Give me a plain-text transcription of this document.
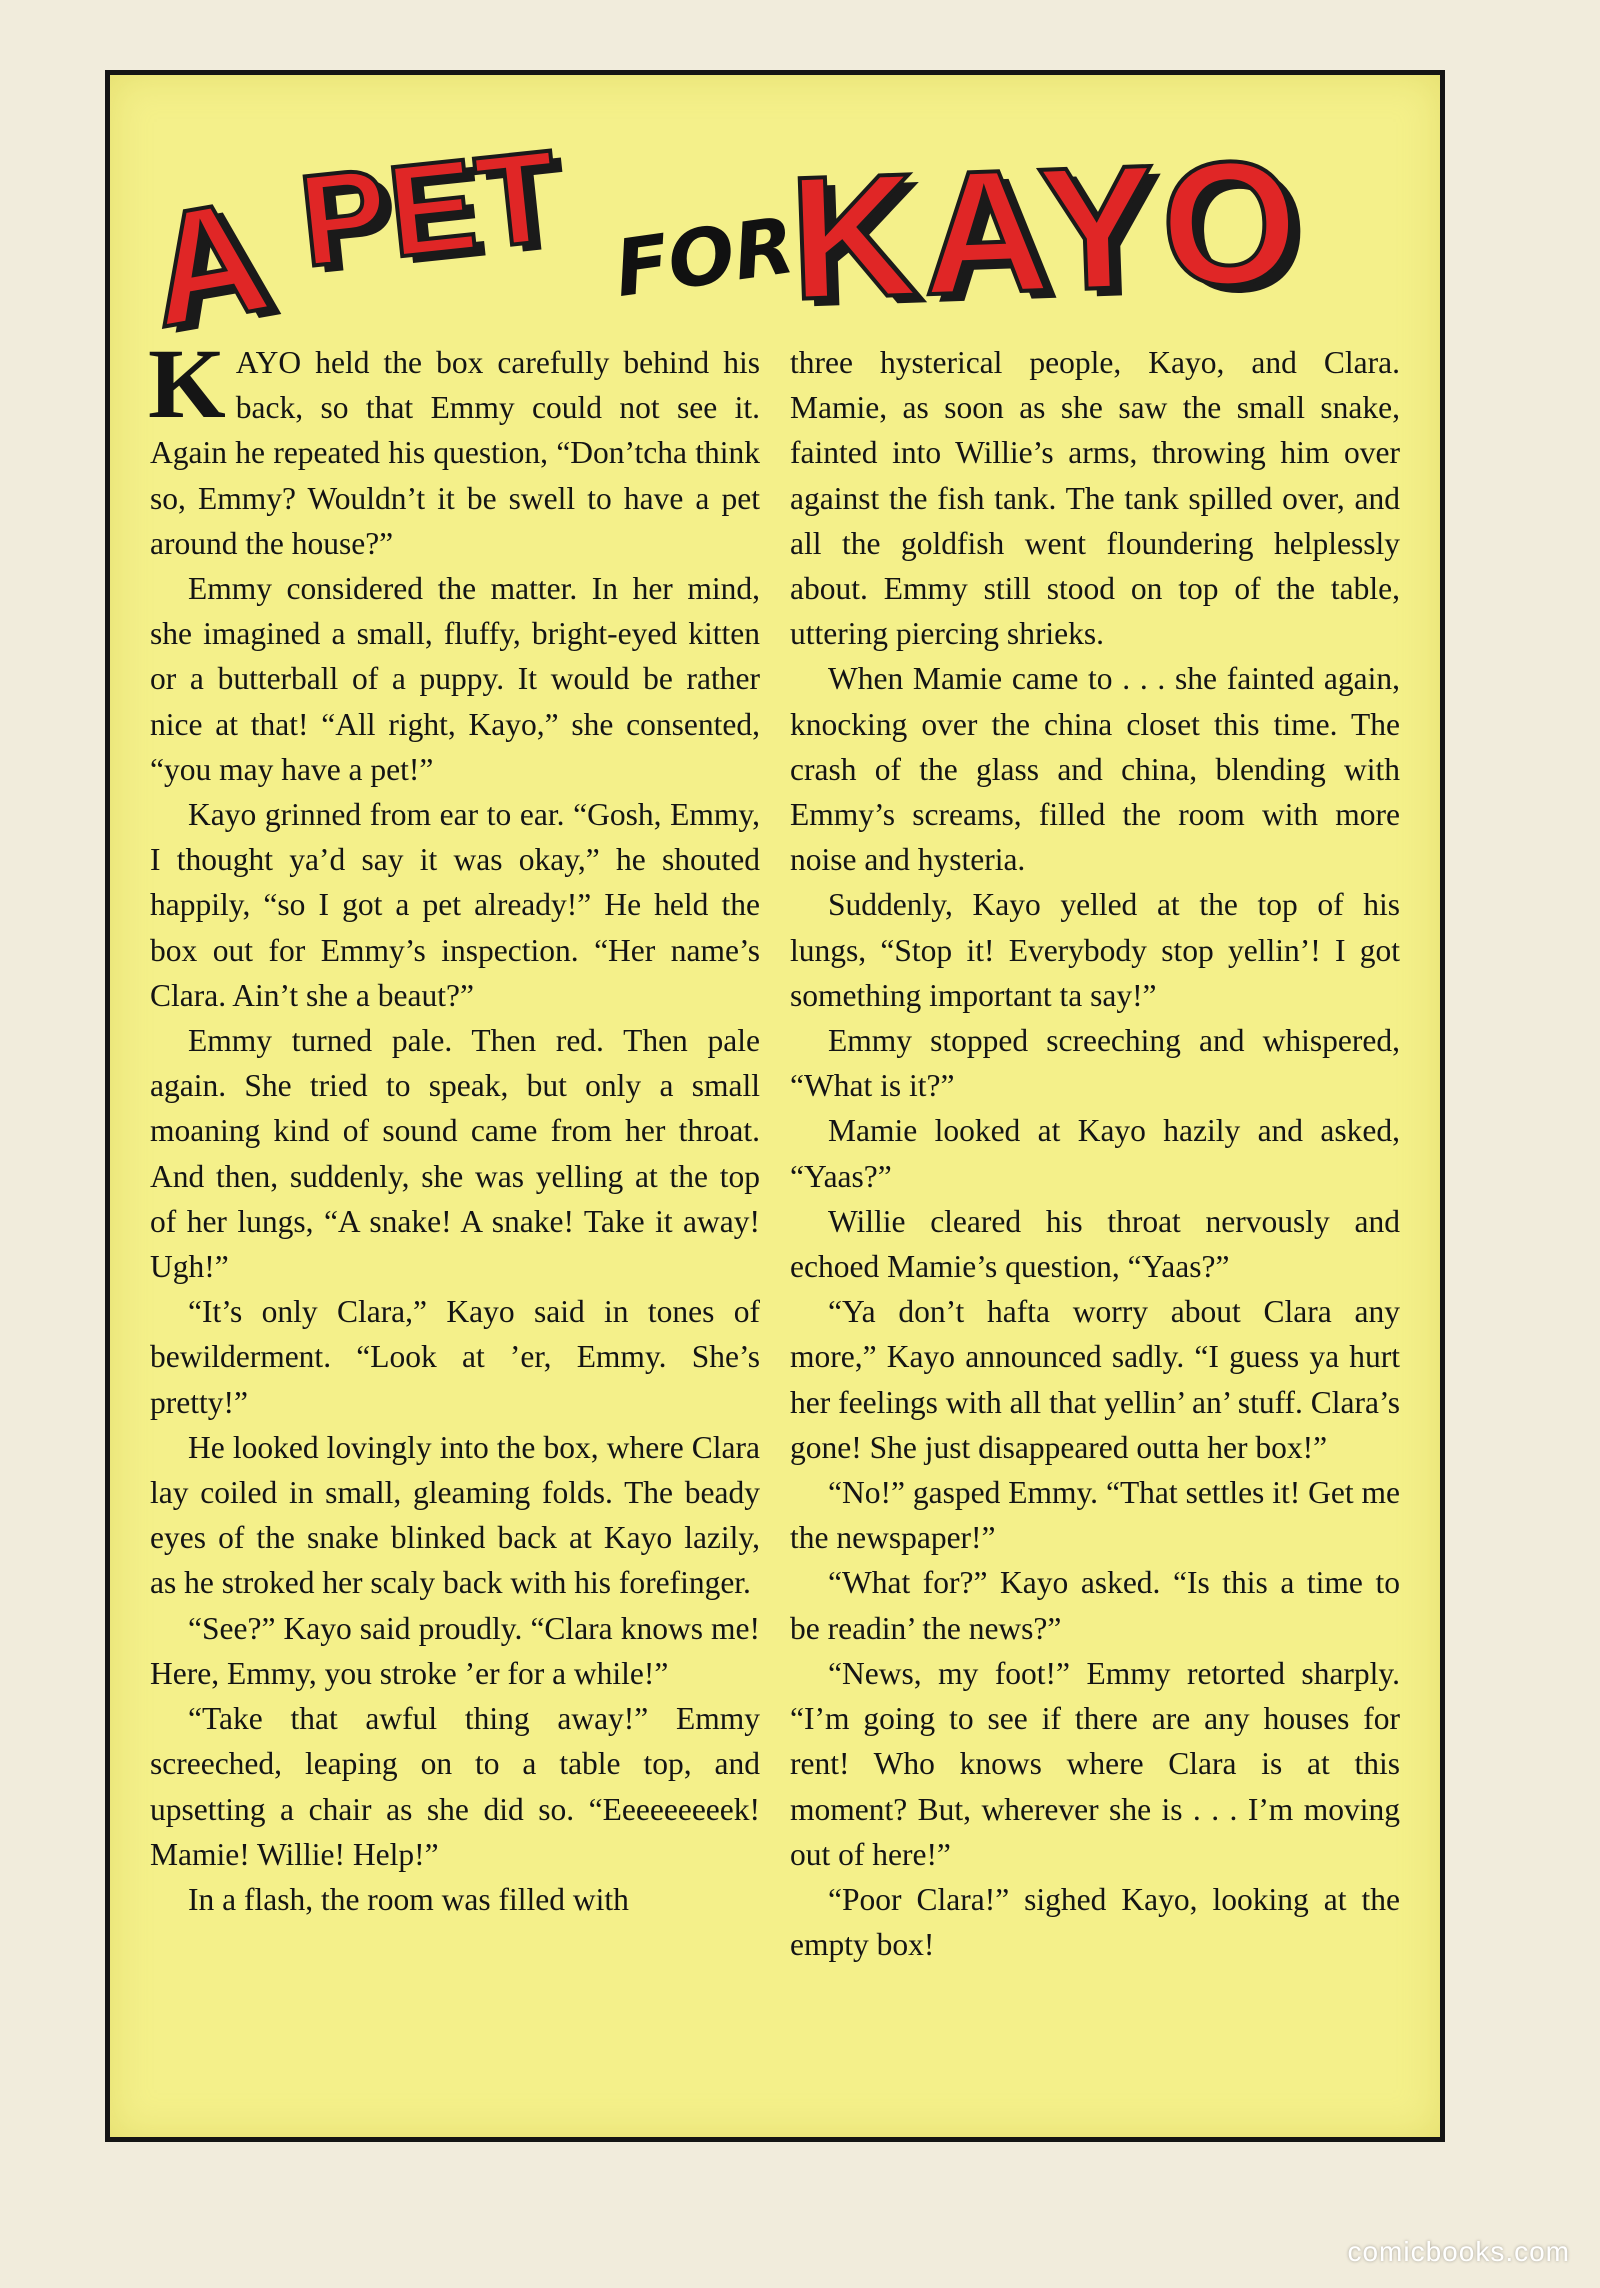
A PET FOR
KAYO

KAYO held the box carefully behind his back, so that Emmy could not see it. Again he repeated his question, “Don’tcha think so, Emmy? Wouldn’t it be swell to have a pet around the house?”

Emmy considered the matter. In her mind, she imagined a small, fluffy, bright-eyed kitten or a butterball of a puppy. It would be rather nice at that! “All right, Kayo,” she consented, “you may have a pet!”

Kayo grinned from ear to ear. “Gosh, Emmy, I thought ya’d say it was okay,” he shouted happily, “so I got a pet already!” He held the box out for Emmy’s inspection. “Her name’s Clara. Ain’t she a beaut?”

Emmy turned pale. Then red. Then pale again. She tried to speak, but only a small moaning kind of sound came from her throat. And then, suddenly, she was yelling at the top of her lungs, “A snake! A snake! Take it away! Ugh!”

“It’s only Clara,” Kayo said in tones of bewilderment. “Look at ’er, Emmy. She’s pretty!”

He looked lovingly into the box, where Clara lay coiled in small, gleaming folds. The beady eyes of the snake blinked back at Kayo lazily, as he stroked her scaly back with his forefinger.

“See?” Kayo said proudly. “Clara knows me! Here, Emmy, you stroke ’er for a while!”

“Take that awful thing away!” Emmy screeched, leaping on to a table top, and upsetting a chair as she did so. “Eeeeeeeeek! Mamie! Willie! Help!”

In a flash, the room was filled with

three hysterical people, Kayo, and Clara. Mamie, as soon as she saw the small snake, fainted into Willie’s arms, throwing him over against the fish tank. The tank spilled over, and all the goldfish went floundering helplessly about. Emmy still stood on top of the table, uttering piercing shrieks.

When Mamie came to . . . she fainted again, knocking over the china closet this time. The crash of the glass and china, blending with Emmy’s screams, filled the room with more noise and hysteria.

Suddenly, Kayo yelled at the top of his lungs, “Stop it! Everybody stop yellin’! I got something important ta say!”

Emmy stopped screeching and whispered, “What is it?”

Mamie looked at Kayo hazily and asked, “Yaas?”

Willie cleared his throat nervously and echoed Mamie’s question, “Yaas?”

“Ya don’t hafta worry about Clara any more,” Kayo announced sadly. “I guess ya hurt her feelings with all that yellin’ an’ stuff. Clara’s gone! She just disappeared outta her box!”

“No!” gasped Emmy. “That settles it! Get me the newspaper!”

“What for?” Kayo asked. “Is this a time to be readin’ the news?”

“News, my foot!” Emmy retorted sharply. “I’m going to see if there are any houses for rent! Who knows where Clara is at this moment? But, wherever she is . . . I’m moving out of here!”

“Poor Clara!” sighed Kayo, looking at the empty box!

comicbooks.com
